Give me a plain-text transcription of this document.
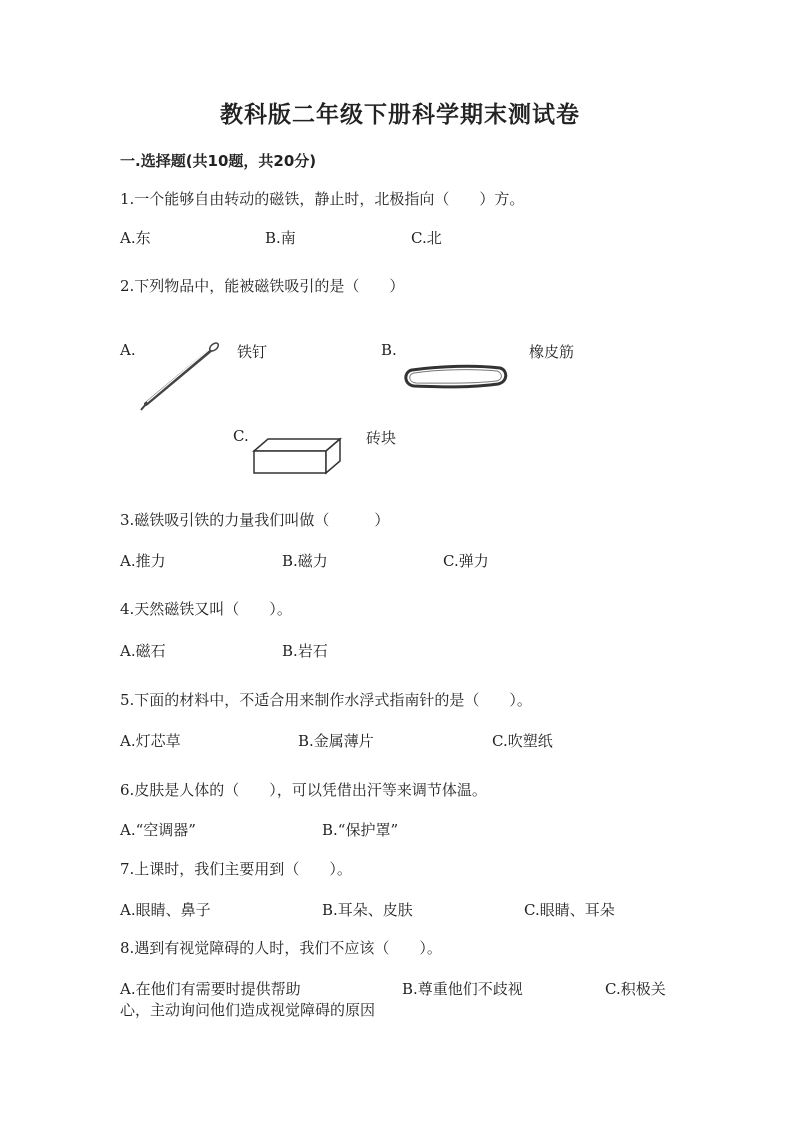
教科版二年级下册科学期末测试卷
一.选择题(共10题，共20分)
1.一个能够自由转动的磁铁，静止时，北极指向（　　）方。
A.东	B.南	C.北
2.下列物品中，能被磁铁吸引的是（　　）
A.	铁钉	B.	橡皮筋
C.	砖块
3.磁铁吸引铁的力量我们叫做（　　　）
A.推力	B.磁力	C.弹力
4.天然磁铁又叫（　　）。
A.磁石	B.岩石
5.下面的材料中，不适合用来制作水浮式指南针的是（　　）。
A.灯芯草	B.金属薄片	C.吹塑纸
6.皮肤是人体的（　　），可以凭借出汗等来调节体温。
A.“空调器”	B.“保护罩”
7.上课时，我们主要用到（　　）。
A.眼睛、鼻子	B.耳朵、皮肤	C.眼睛、耳朵
8.遇到有视觉障碍的人时，我们不应该（　　）。
A.在他们有需要时提供帮助	B.尊重他们不歧视	C.积极关
心，主动询问他们造成视觉障碍的原因
